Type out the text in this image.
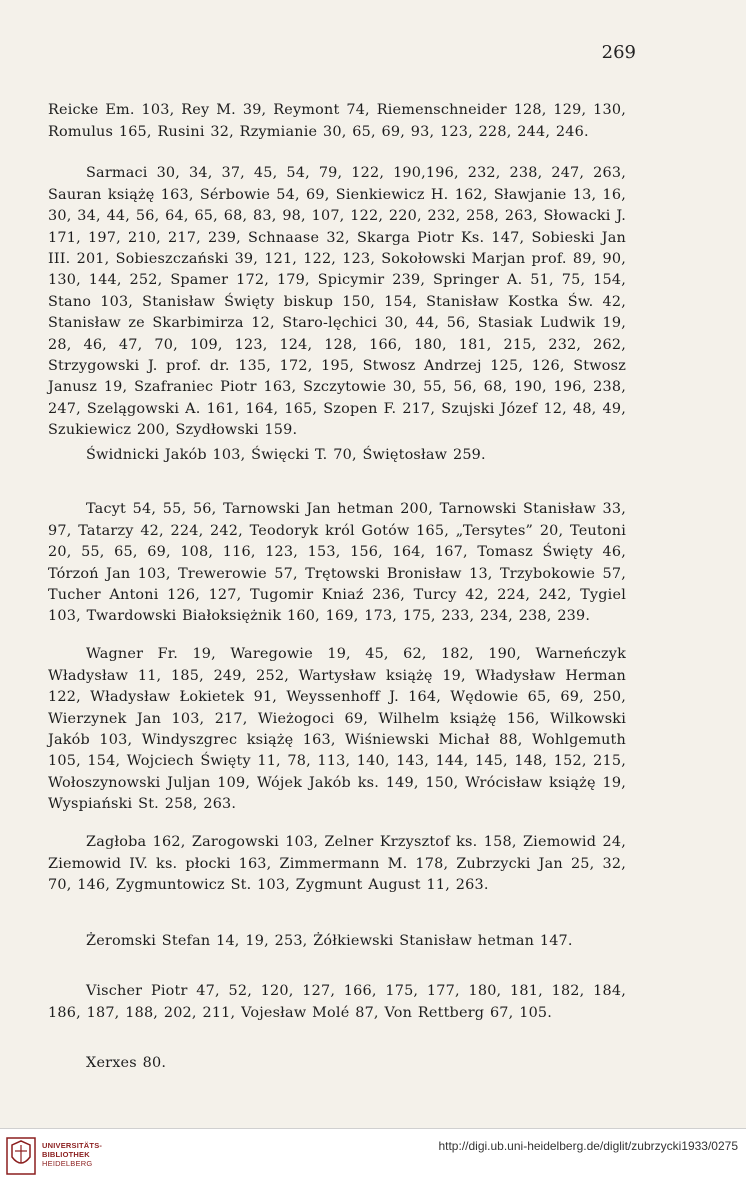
269

Reicke Em. 103, Rey M. 39, Reymont 74, Riemenschneider 128, 129, 130, Romulus 165, Rusini 32, Rzymianie 30, 65, 69, 93, 123, 228, 244, 246.

Sarmaci 30, 34, 37, 45, 54, 79, 122, 190,196, 232, 238, 247, 263, Sauran książę 163, Sérbowie 54, 69, Sienkiewicz H. 162, Sławjanie 13, 16, 30, 34, 44, 56, 64, 65, 68, 83, 98, 107, 122, 220, 232, 258, 263, Słowacki J. 171, 197, 210, 217, 239, Schnaase 32, Skarga Piotr Ks. 147, Sobieski Jan III. 201, Sobieszczański 39, 121, 122, 123, Sokołowski Marjan prof. 89, 90, 130, 144, 252, Spamer 172, 179, Spicymir 239, Springer A. 51, 75, 154, Stano 103, Stanisław Święty biskup 150, 154, Stanisław Kostka Św. 42, Stanisław ze Skarbimirza 12, Staro-lęchici 30, 44, 56, Stasiak Ludwik 19, 28, 46, 47, 70, 109, 123, 124, 128, 166, 180, 181, 215, 232, 262, Strzygowski J. prof. dr. 135, 172, 195, Stwosz Andrzej 125, 126, Stwosz Janusz 19, Szafraniec Piotr 163, Szczytowie 30, 55, 56, 68, 190, 196, 238, 247, Szelągowski A. 161, 164, 165, Szopen F. 217, Szujski Józef 12, 48, 49, Szukiewicz 200, Szydłowski 159.

Świdnicki Jakób 103, Święcki T. 70, Świętosław 259.

Tacyt 54, 55, 56, Tarnowski Jan hetman 200, Tarnowski Stanisław 33, 97, Tatarzy 42, 224, 242, Teodoryk król Gotów 165, „Tersytes” 20, Teutoni 20, 55, 65, 69, 108, 116, 123, 153, 156, 164, 167, Tomasz Święty 46, Tórzoń Jan 103, Trewerowie 57, Trętowski Bronisław 13, Trzybokowie 57, Tucher Antoni 126, 127, Tugomir Kniaź 236, Turcy 42, 224, 242, Tygiel 103, Twardowski Białoksiężnik 160, 169, 173, 175, 233, 234, 238, 239.

Wagner Fr. 19, Waregowie 19, 45, 62, 182, 190, Warneńczyk Władysław 11, 185, 249, 252, Wartysław książę 19, Władysław Herman 122, Władysław Łokietek 91, Weyssenhoff J. 164, Wędowie 65, 69, 250, Wierzynek Jan 103, 217, Wieżogoci 69, Wilhelm książę 156, Wilkowski Jakób 103, Windyszgrec książę 163, Wiśniewski Michał 88, Wohlgemuth 105, 154, Wojciech Święty 11, 78, 113, 140, 143, 144, 145, 148, 152, 215, Wołoszynowski Juljan 109, Wójek Jakób ks. 149, 150, Wrócisław książę 19, Wyspiański St. 258, 263.

Zagłoba 162, Zarogowski 103, Zelner Krzysztof ks. 158, Ziemowid 24, Ziemowid IV. ks. płocki 163, Zimmermann M. 178, Zubrzycki Jan 25, 32, 70, 146, Zygmuntowicz St. 103, Zygmunt August 11, 263.

Żeromski Stefan 14, 19, 253, Żółkiewski Stanisław hetman 147.

Vischer Piotr 47, 52, 120, 127, 166, 175, 177, 180, 181, 182, 184, 186, 187, 188, 202, 211, Vojesław Molé 87, Von Rettberg 67, 105.

Xerxes 80.

UNIVERSITÄTS-
BIBLIOTHEK
HEIDELBERG
http://digi.ub.uni-heidelberg.de/diglit/zubrzycki1933/0275
